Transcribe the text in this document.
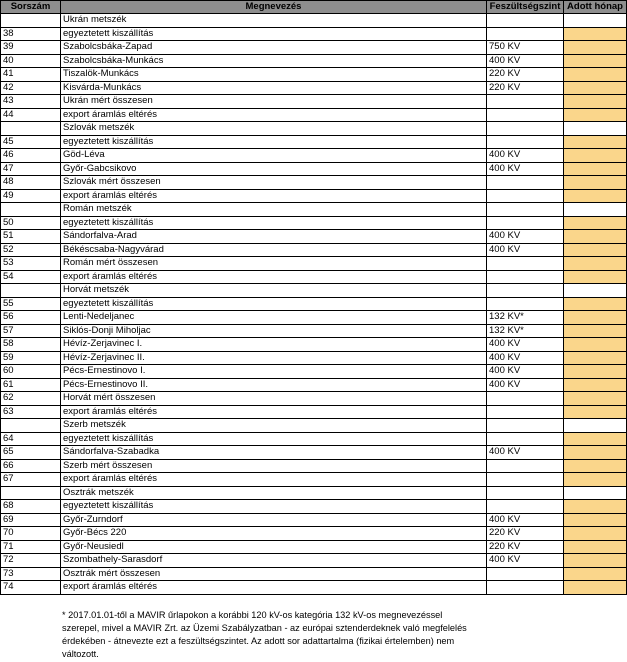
Sorszám	Megnevezés	Feszültségszint	Adott hónap
	Ukrán metszék		
38	egyeztetett kiszállítás		
39	Szabolcsbáka-Zapad	750 KV	
40	Szabolcsbáka-Munkács	400 KV	
41	Tiszalök-Munkács	220 KV	
42	Kisvárda-Munkács	220 KV	
43	Ukrán mért összesen		
44	export áramlás eltérés		
	Szlovák metszék		
45	egyeztetett kiszállítás		
46	Göd-Léva	400 KV	
47	Győr-Gabcsikovo	400 KV	
48	Szlovák mért összesen		
49	export áramlás eltérés		
	Román metszék		
50	egyeztetett kiszállítás		
51	Sándorfalva-Arad	400 KV	
52	Békéscsaba-Nagyvárad	400 KV	
53	Román mért összesen		
54	export áramlás eltérés		
	Horvát metszék		
55	egyeztetett kiszállítás		
56	Lenti-Nedeljanec	132 KV*	
57	Siklós-Donji Miholjac	132 KV*	
58	Hévíz-Zerjavinec I.	400 KV	
59	Hévíz-Zerjavinec II.	400 KV	
60	Pécs-Ernestinovo I.	400 KV	
61	Pécs-Ernestinovo II.	400 KV	
62	Horvát mért összesen		
63	export áramlás eltérés		
	Szerb metszék		
64	egyeztetett kiszállítás		
65	Sándorfalva-Szabadka	400 KV	
66	Szerb mért összesen		
67	export áramlás eltérés		
	Osztrák metszék		
68	egyeztetett kiszállítás		
69	Győr-Zurndorf	400 KV	
70	Győr-Bécs 220	220 KV	
71	Győr-Neusiedl	220 KV	
72	Szombathely-Sarasdorf	400 KV	
73	Osztrák mért összesen		
74	export áramlás eltérés		
* 2017.01.01-től a MAVIR űrlapokon a korábbi 120 kV-os kategória 132 kV-os megnevezéssel
szerepel, mivel a MAVIR Zrt. az Üzemi Szabályzatban - az európai sztenderdeknek való megfelelés
érdekében - átnevezte ezt a feszültségszintet. Az adott sor adattartalma (fizikai értelemben) nem
változott.
